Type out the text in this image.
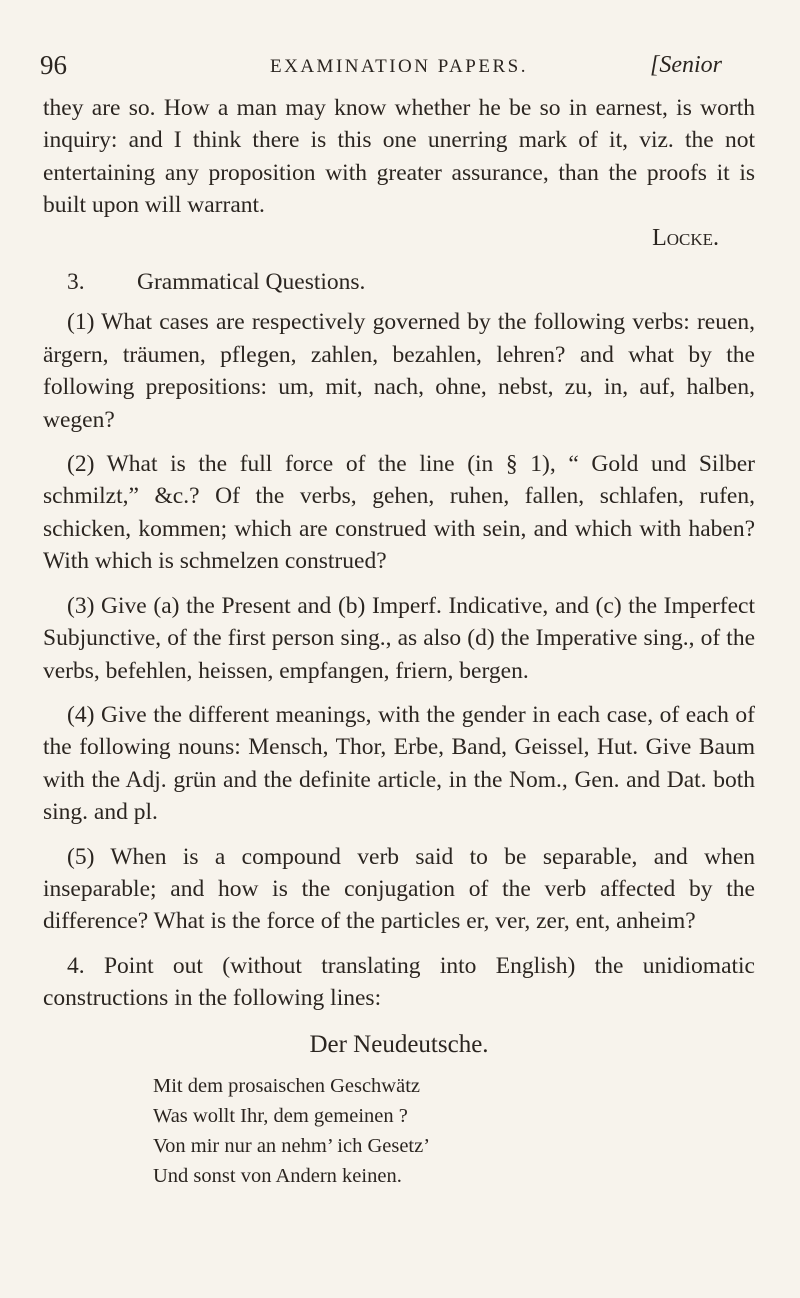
96	EXAMINATION PAPERS.	[Senior

they are so. How a man may know whether he be so in earnest, is worth inquiry: and I think there is this one unerring mark of it, viz. the not entertaining any proposition with greater assurance, than the proofs it is built upon will warrant.

Locke.

3. Grammatical Questions.

(1) What cases are respectively governed by the following verbs: reuen, ärgern, träumen, pflegen, zahlen, bezahlen, lehren? and what by the following prepositions: um, mit, nach, ohne, nebst, zu, in, auf, halben, wegen?

(2) What is the full force of the line (in § 1), “ Gold und Silber schmilzt,” &c.? Of the verbs, gehen, ruhen, fallen, schlafen, rufen, schicken, kommen; which are construed with sein, and which with haben? With which is schmelzen construed?

(3) Give (a) the Present and (b) Imperf. Indicative, and (c) the Imperfect Subjunctive, of the first person sing., as also (d) the Imperative sing., of the verbs, befehlen, heissen, empfangen, friern, bergen.

(4) Give the different meanings, with the gender in each case, of each of the following nouns: Mensch, Thor, Erbe, Band, Geissel, Hut. Give Baum with the Adj. grün and the definite article, in the Nom., Gen. and Dat. both sing. and pl.

(5) When is a compound verb said to be separable, and when inseparable; and how is the conjugation of the verb affected by the difference? What is the force of the particles er, ver, zer, ent, anheim?

4. Point out (without translating into English) the unidiomatic constructions in the following lines:

Der Neudeutsche.

Mit dem prosaischen Geschwätz
Was wollt Ihr, dem gemeinen ?
Von mir nur an nehm’ ich Gesetz’
Und sonst von Andern keinen.
